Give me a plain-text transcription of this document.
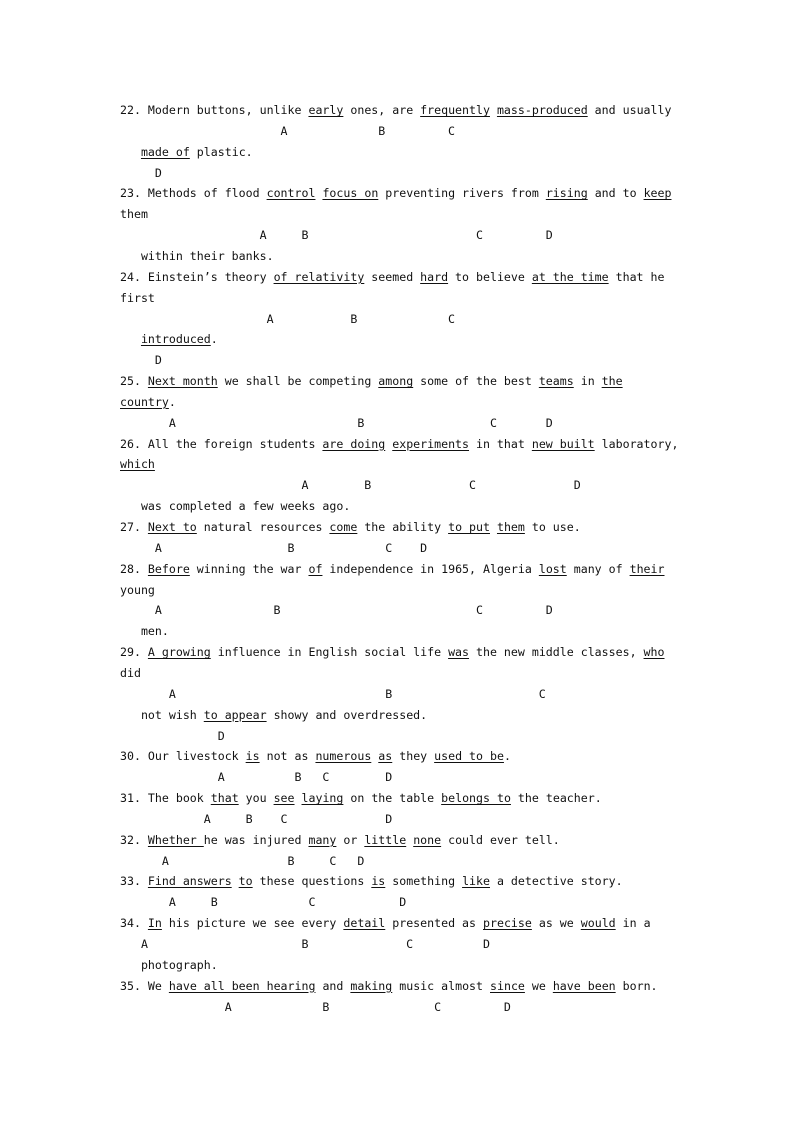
22. Modern buttons, unlike early ones, are frequently mass-produced and usually
A             B         C
made of plastic.
D
23. Methods of flood control focus on preventing rivers from rising and to keep
them
A     B                        C         D
within their banks.
24. Einstein’s theory of relativity seemed hard to believe at the time that he
first
A           B             C
introduced.
D
25. Next month we shall be competing among some of the best teams in the
country.
A                          B                  C       D
26. All the foreign students are doing experiments in that new built laboratory,
which
A        B              C              D
was completed a few weeks ago.
27. Next to natural resources come the ability to put them to use.
A                  B             C    D
28. Before winning the war of independence in 1965, Algeria lost many of their
young
A                B                            C         D
men.
29. A growing influence in English social life was the new middle classes, who
did
A                              B                     C
not wish to appear showy and overdressed.
D
30. Our livestock is not as numerous as they used to be.
A          B   C        D
31. The book that you see laying on the table belongs to the teacher.
A     B    C              D
32. Whether he was injured many or little none could ever tell.
A                 B     C   D
33. Find answers to these questions is something like a detective story.
A     B             C            D
34. In his picture we see every detail presented as precise as we would in a
A                      B              C          D
photograph.
35. We have all been hearing and making music almost since we have been born.
A             B               C         D
